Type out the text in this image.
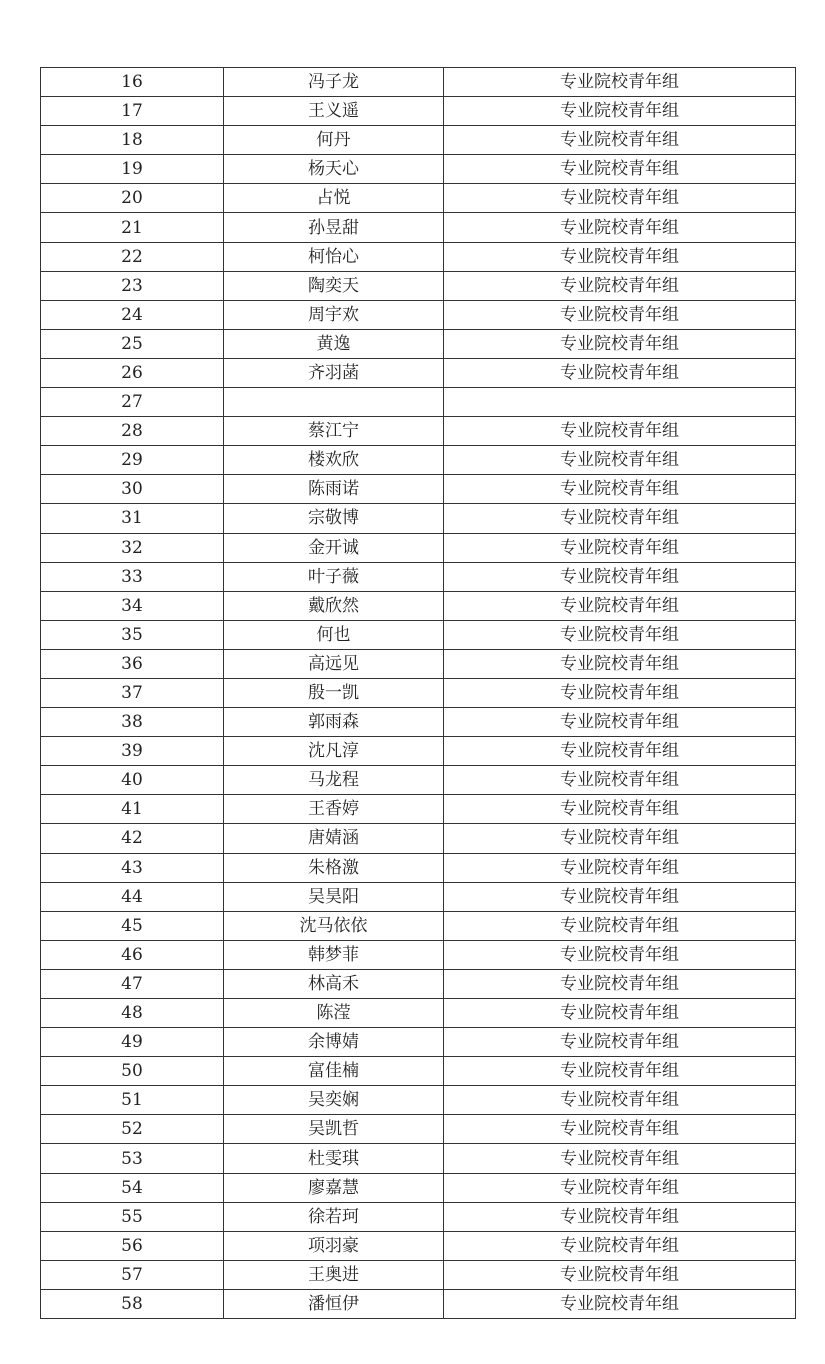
16	冯子龙	专业院校青年组
17	王义遥	专业院校青年组
18	何丹	专业院校青年组
19	杨天心	专业院校青年组
20	占悦	专业院校青年组
21	孙昱甜	专业院校青年组
22	柯怡心	专业院校青年组
23	陶奕天	专业院校青年组
24	周宇欢	专业院校青年组
25	黄逸	专业院校青年组
26	齐羽菡	专业院校青年组
27		
28	蔡江宁	专业院校青年组
29	楼欢欣	专业院校青年组
30	陈雨诺	专业院校青年组
31	宗敬博	专业院校青年组
32	金开诚	专业院校青年组
33	叶子薇	专业院校青年组
34	戴欣然	专业院校青年组
35	何也	专业院校青年组
36	高远见	专业院校青年组
37	殷一凯	专业院校青年组
38	郭雨森	专业院校青年组
39	沈凡淳	专业院校青年组
40	马龙程	专业院校青年组
41	王香婷	专业院校青年组
42	唐婧涵	专业院校青年组
43	朱格激	专业院校青年组
44	吴昊阳	专业院校青年组
45	沈马依依	专业院校青年组
46	韩梦菲	专业院校青年组
47	林高禾	专业院校青年组
48	陈滢	专业院校青年组
49	余博婧	专业院校青年组
50	富佳楠	专业院校青年组
51	吴奕娴	专业院校青年组
52	吴凯哲	专业院校青年组
53	杜雯琪	专业院校青年组
54	廖嘉慧	专业院校青年组
55	徐若珂	专业院校青年组
56	项羽豪	专业院校青年组
57	王奥进	专业院校青年组
58	潘恒伊	专业院校青年组
